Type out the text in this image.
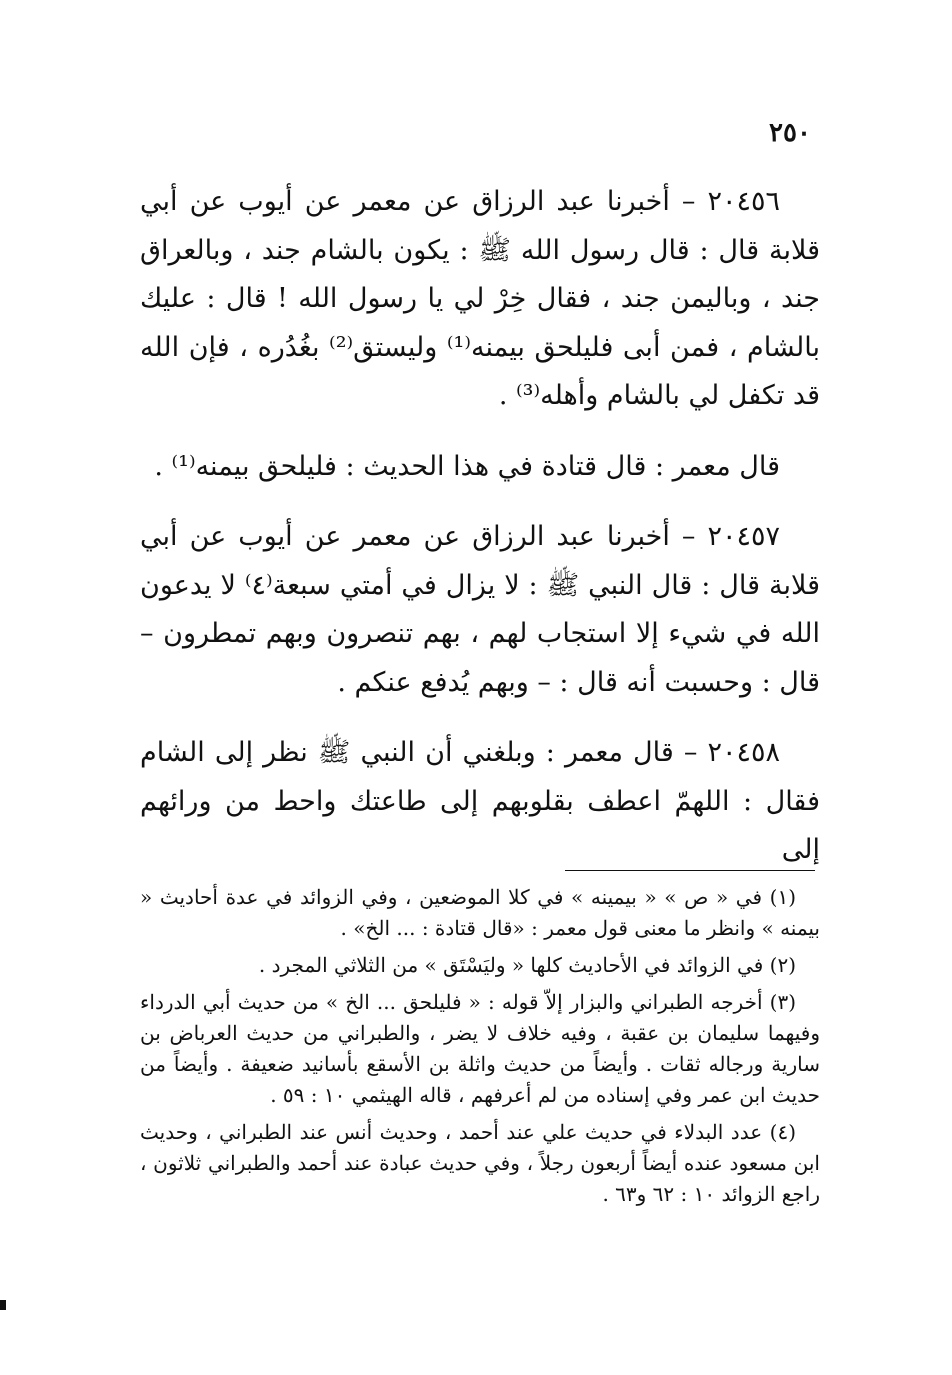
٢٥٠

٢٠٤٥٦ – أخبرنا عبد الرزاق عن معمر عن أيوب عن أبي قلابة قال : قال رسول الله ﷺ : يكون بالشام جند ، وبالعراق جند ، وباليمن جند ، فقال خِرْ لي يا رسول الله ! قال : عليك بالشام ، فمن أبى فليلحق بيمنه⁽¹⁾ وليستق⁽²⁾ بغُدُره ، فإن الله قد تكفل لي بالشام وأهله⁽³⁾ .

قال معمر : قال قتادة في هذا الحديث : فليلحق بيمنه⁽¹⁾ .

٢٠٤٥٧ – أخبرنا عبد الرزاق عن معمر عن أيوب عن أبي قلابة قال : قال النبي ﷺ : لا يزال في أمتي سبعة⁽٤⁾ لا يدعون الله في شيء إلا استجاب لهم ، بهم تنصرون وبهم تمطرون – قال : وحسبت أنه قال : – وبهم يُدفع عنكم .

٢٠٤٥٨ – قال معمر : وبلغني أن النبي ﷺ نظر إلى الشام فقال : اللهمّ اعطف بقلوبهم إلى طاعتك واحط من ورائهم إلى

(١) في « ص » « بيمينه » في كلا الموضعين ، وفي الزوائد في عدة أحاديث « بيمنه » وانظر ما معنى قول معمر : «قال قتادة : ... الخ» .

(٢) في الزوائد في الأحاديث كلها « وليَسْتَق » من الثلاثي المجرد .

(٣) أخرجه الطبراني والبزار إلاّ قوله : « فليلحق ... الخ » من حديث أبي الدرداء وفيهما سليمان بن عقبة ، وفيه خلاف لا يضر ، والطبراني من حديث العرباض بن سارية ورجاله ثقات . وأيضاً من حديث واثلة بن الأسقع بأسانيد ضعيفة . وأيضاً من حديث ابن عمر وفي إسناده من لم أعرفهم ، قاله الهيثمي ١٠ : ٥٩ .

(٤) عدد البدلاء في حديث علي عند أحمد ، وحديث أنس عند الطبراني ، وحديث ابن مسعود عنده أيضاً أربعون رجلاً ، وفي حديث عبادة عند أحمد والطبراني ثلاثون ، راجع الزوائد ١٠ : ٦٢ و٦٣ .
